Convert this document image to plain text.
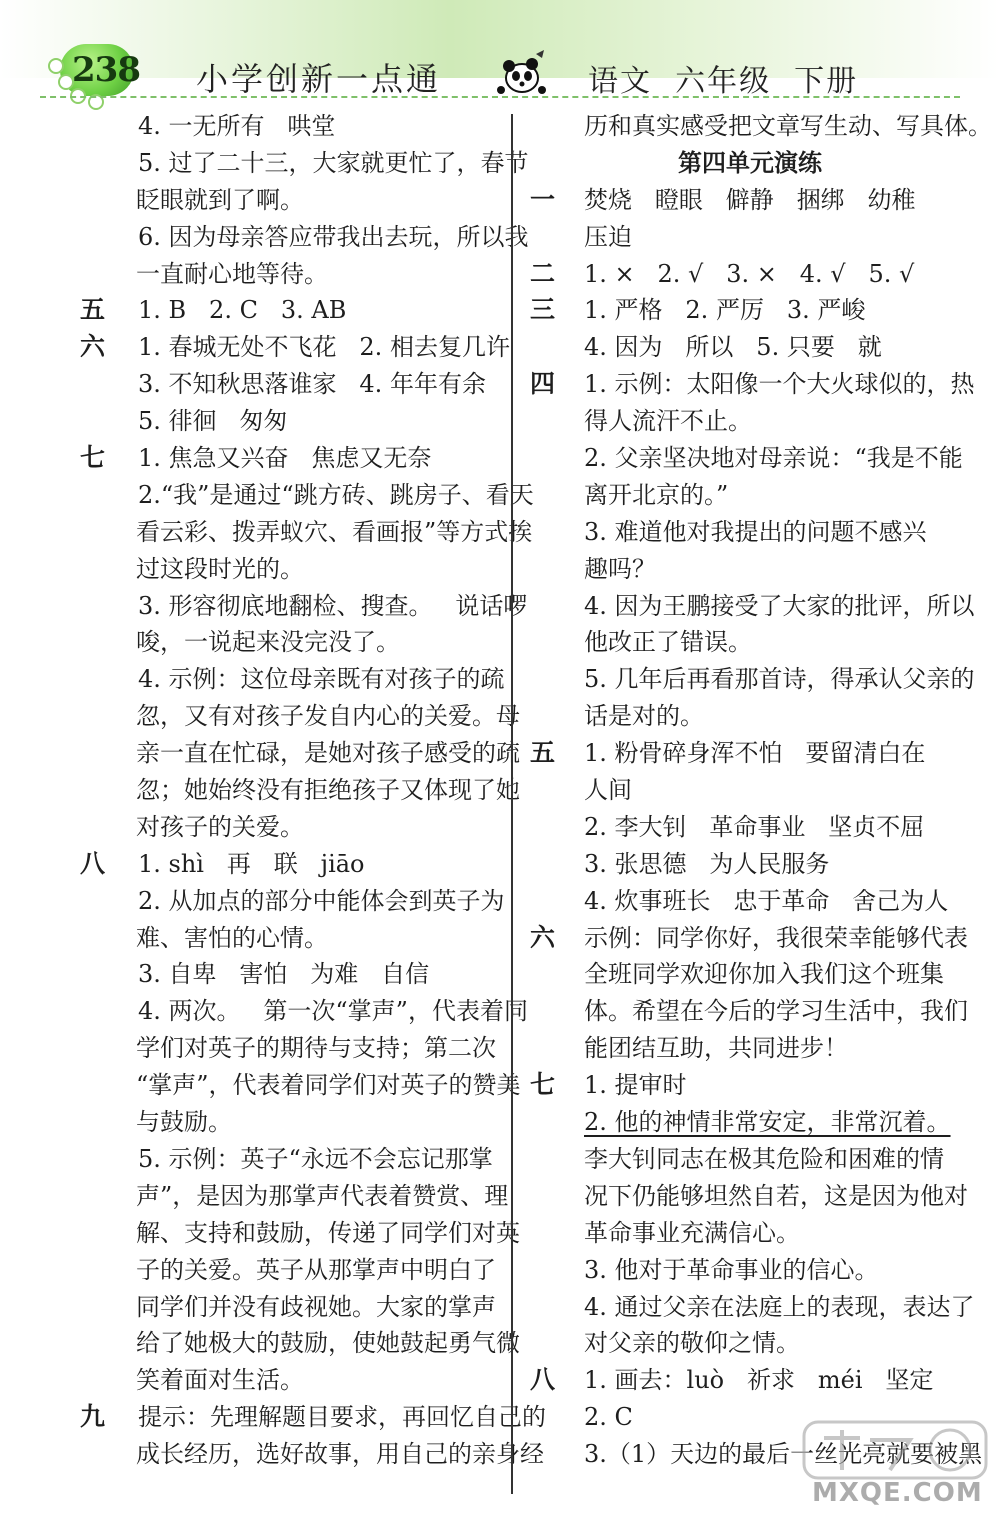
238 小学创新一点通	语文  六年级  下册
4. 一无所有   哄堂
5. 过了二十三，大家就更忙了，春节
眨眼就到了啊。
6. 因为母亲答应带我出去玩，所以我
一直耐心地等待。
五 1. B   2. C   3. AB
六 1. 春城无处不飞花   2. 相去复几许
3. 不知秋思落谁家   4. 年年有余
5. 徘徊   匆匆
七 1. 焦急又兴奋   焦虑又无奈
2.“我”是通过“跳方砖、跳房子、看天
看云彩、拨弄蚁穴、看画报”等方式挨
过这段时光的。
3. 形容彻底地翻检、搜查。   说话啰
唆，一说起来没完没了。
4. 示例：这位母亲既有对孩子的疏
忽，又有对孩子发自内心的关爱。母
亲一直在忙碌，是她对孩子感受的疏
忽；她始终没有拒绝孩子又体现了她
对孩子的关爱。
八 1. shì   再   联   jiāo
2. 从加点的部分中能体会到英子为
难、害怕的心情。
3. 自卑   害怕   为难   自信
4. 两次。   第一次“掌声”，代表着同
学们对英子的期待与支持；第二次
“掌声”，代表着同学们对英子的赞美
与鼓励。
5. 示例：英子“永远不会忘记那掌
声”，是因为那掌声代表着赞赏、理
解、支持和鼓励，传递了同学们对英
子的关爱。英子从那掌声中明白了
同学们并没有歧视她。大家的掌声
给了她极大的鼓励，使她鼓起勇气微
笑着面对生活。
九 提示：先理解题目要求，再回忆自己的
成长经历，选好故事，用自己的亲身经
历和真实感受把文章写生动、写具体。
第四单元演练
一 焚烧   瞪眼   僻静   捆绑   幼稚
压迫
二 1. ×   2. √   3. ×   4. √   5. √
三 1. 严格   2. 严厉   3. 严峻
4. 因为   所以   5. 只要   就
四 1. 示例：太阳像一个大火球似的，热
得人流汗不止。
2. 父亲坚决地对母亲说：“我是不能
离开北京的。”
3. 难道他对我提出的问题不感兴
趣吗？
4. 因为王鹏接受了大家的批评，所以
他改正了错误。
5. 几年后再看那首诗，得承认父亲的
话是对的。
五 1. 粉骨碎身浑不怕   要留清白在
人间
2. 李大钊   革命事业   坚贞不屈
3. 张思德   为人民服务
4. 炊事班长   忠于革命   舍己为人
六 示例：同学你好，我很荣幸能够代表
全班同学欢迎你加入我们这个班集
体。希望在今后的学习生活中，我们
能团结互助，共同进步！
七 1. 提审时
2. 他的神情非常安定，非常沉着。
李大钊同志在极其危险和困难的情
况下仍能够坦然自若，这是因为他对
革命事业充满信心。
3. 他对于革命事业的信心。
4. 通过父亲在法庭上的表现，表达了
对父亲的敬仰之情。
八 1. 画去：luò   祈求   méi   坚定
2. C
3.（1）天边的最后一丝光亮就要被黑
MXQE.COM
